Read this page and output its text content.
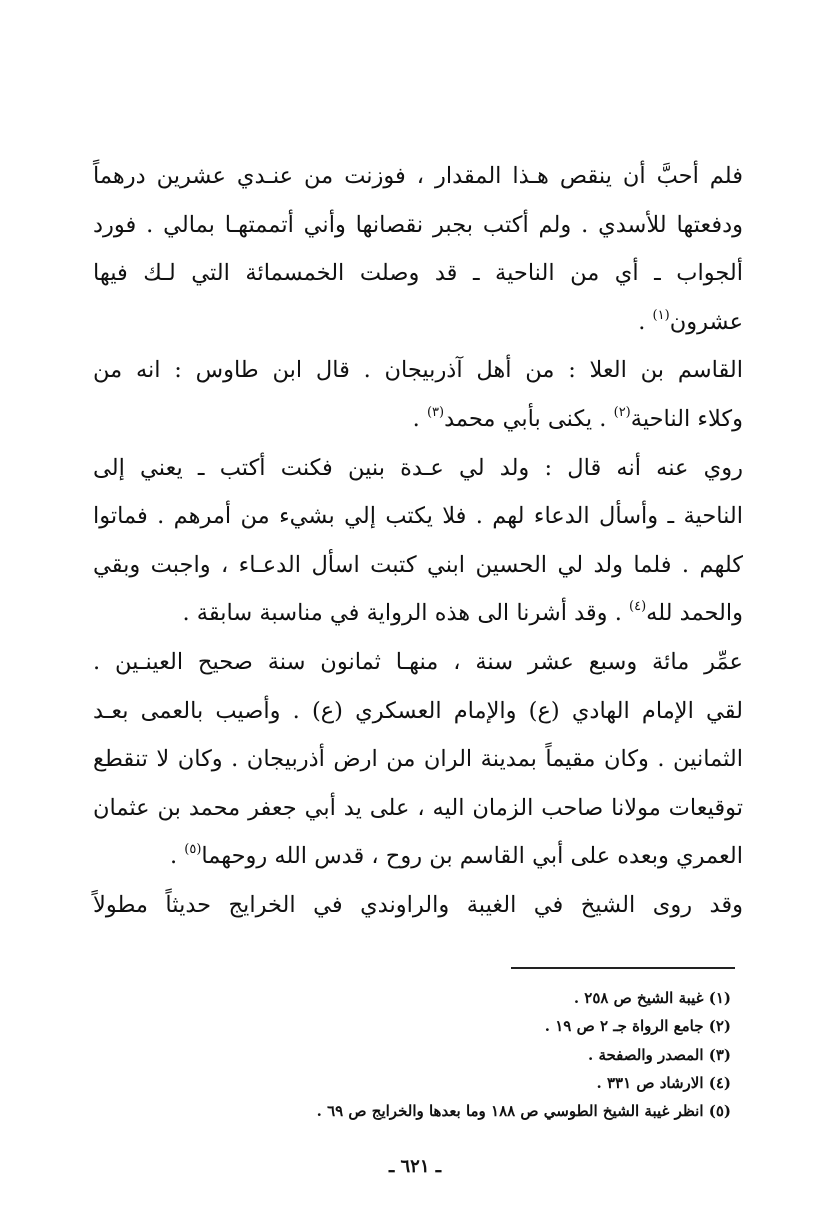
فلم أحبَّ أن ينقص هـذا المقدار ، فوزنت من عنـدي عشرين درهماً
ودفعتها للأسدي . ولم أكتب بجبر نقصانها وأني أتممتهـا بمالي . فورد
ألجواب ـ أي من الناحية ـ قد وصلت الخمسمائة التي لـك فيها
عشرون$^{(١)}$ .
القاسم بن العلا : من أهل آذربيجان . قال ابن طاوس : انه من
وكلاء الناحية$^{(٢)}$ . يكنى بأبي محمد$^{(٣)}$ .
روي عنه أنه قال : ولد لي عـدة بنين فكنت أكتب ـ يعني إلى
الناحية ـ وأسأل الدعاء لهم . فلا يكتب إلي بشيء من أمرهم . فماتوا
كلهم . فلما ولد لي الحسين ابني كتبت اسأل الدعـاء ، واجبت وبقي
والحمد لله$^{(٤)}$ . وقد أشرنا الى هذه الرواية في مناسبة سابقة .
عمِّر مائة وسبع عشر سنة ، منهـا ثمانون سنة صحيح العينـين .
لقي الإمام الهادي (ع) والإمام العسكري (ع) . وأصيب بالعمى بعـد
الثمانين . وكان مقيماً بمدينة الران من ارض أذربيجان . وكان لا تنقطع
توقيعات مولانا صاحب الزمان اليه ، على يد أبي جعفر محمد بن عثمان
العمري وبعده على أبي القاسم بن روح ، قدس الله روحهما$^{(٥)}$ .
وقد روى الشيخ في الغيبة والراوندي في الخرايج حديثاً مطولاً
(١) غيبة الشيخ ص ٢٥٨ .
(٢) جامع الرواة جـ ٢ ص ١٩ .
(٣) المصدر والصفحة .
(٤) الارشاد ص ٣٣١ .
(٥) انظر غيبة الشيخ الطوسي ص ١٨٨ وما بعدها والخرايج ص ٦٩ .
ـ ٦٢١ ـ
